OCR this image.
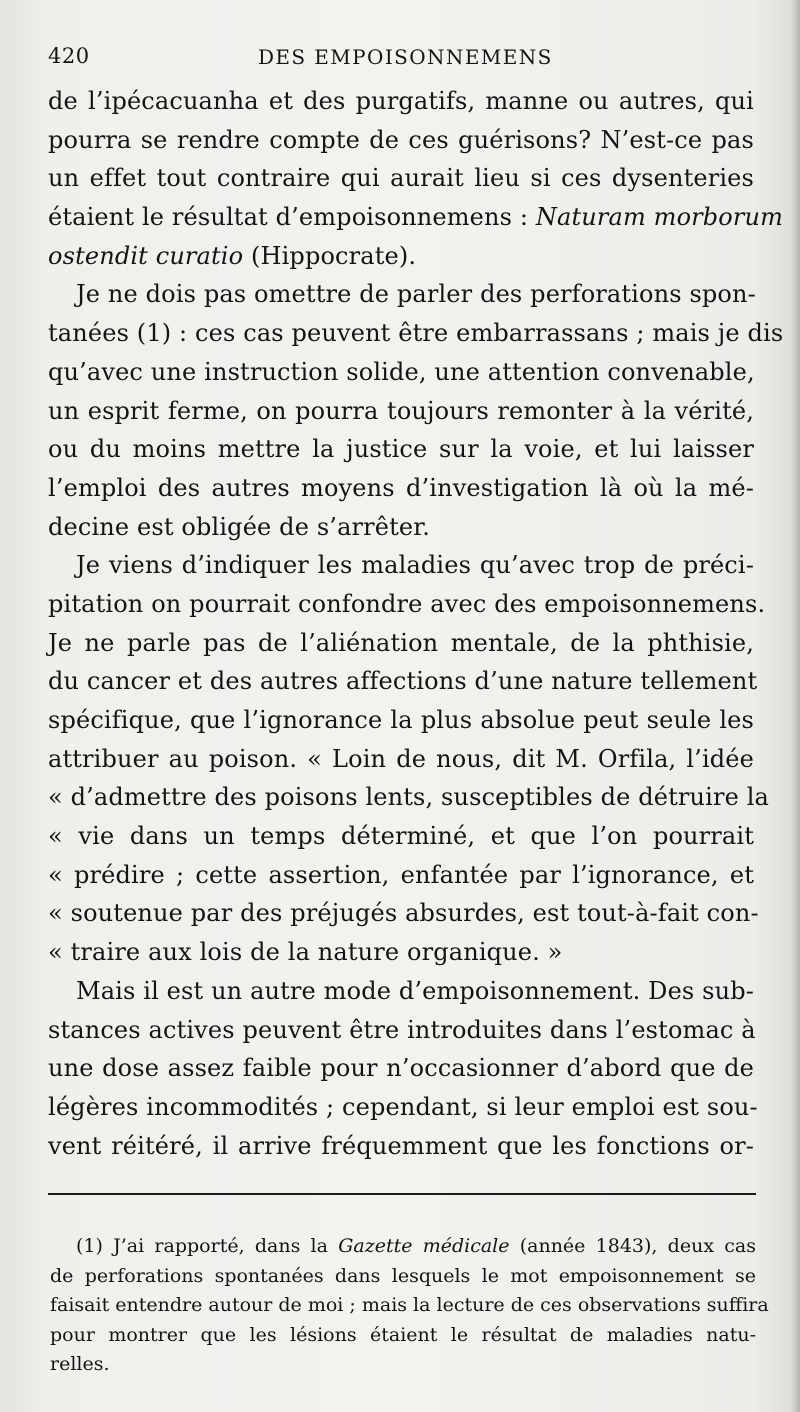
420	DES EMPOISONNEMENS
de l’ipécacuanha et des purgatifs, manne ou autres, qui
pourra se rendre compte de ces guérisons? N’est-ce pas
un effet tout contraire qui aurait lieu si ces dysenteries
étaient le résultat d’empoisonnemens : Naturam morborum
ostendit curatio (Hippocrate).
Je ne dois pas omettre de parler des perforations spon-
tanées (1) : ces cas peuvent être embarrassans ; mais je dis
qu’avec une instruction solide, une attention convenable,
un esprit ferme, on pourra toujours remonter à la vérité,
ou du moins mettre la justice sur la voie, et lui laisser
l’emploi des autres moyens d’investigation là où la mé-
decine est obligée de s’arrêter.
Je viens d’indiquer les maladies qu’avec trop de préci-
pitation on pourrait confondre avec des empoisonnemens.
Je ne parle pas de l’aliénation mentale, de la phthisie,
du cancer et des autres affections d’une nature tellement
spécifique, que l’ignorance la plus absolue peut seule les
attribuer au poison. « Loin de nous, dit M. Orfila, l’idée
« d’admettre des poisons lents, susceptibles de détruire la
« vie dans un temps déterminé, et que l’on pourrait
« prédire ; cette assertion, enfantée par l’ignorance, et
« soutenue par des préjugés absurdes, est tout-à-fait con-
« traire aux lois de la nature organique. »
Mais il est un autre mode d’empoisonnement. Des sub-
stances actives peuvent être introduites dans l’estomac à
une dose assez faible pour n’occasionner d’abord que de
légères incommodités ; cependant, si leur emploi est sou-
vent réitéré, il arrive fréquemment que les fonctions or-
(1) J’ai rapporté, dans la Gazette médicale (année 1843), deux cas
de perforations spontanées dans lesquels le mot empoisonnement se
faisait entendre autour de moi ; mais la lecture de ces observations suffira
pour montrer que les lésions étaient le résultat de maladies natu-
relles.
